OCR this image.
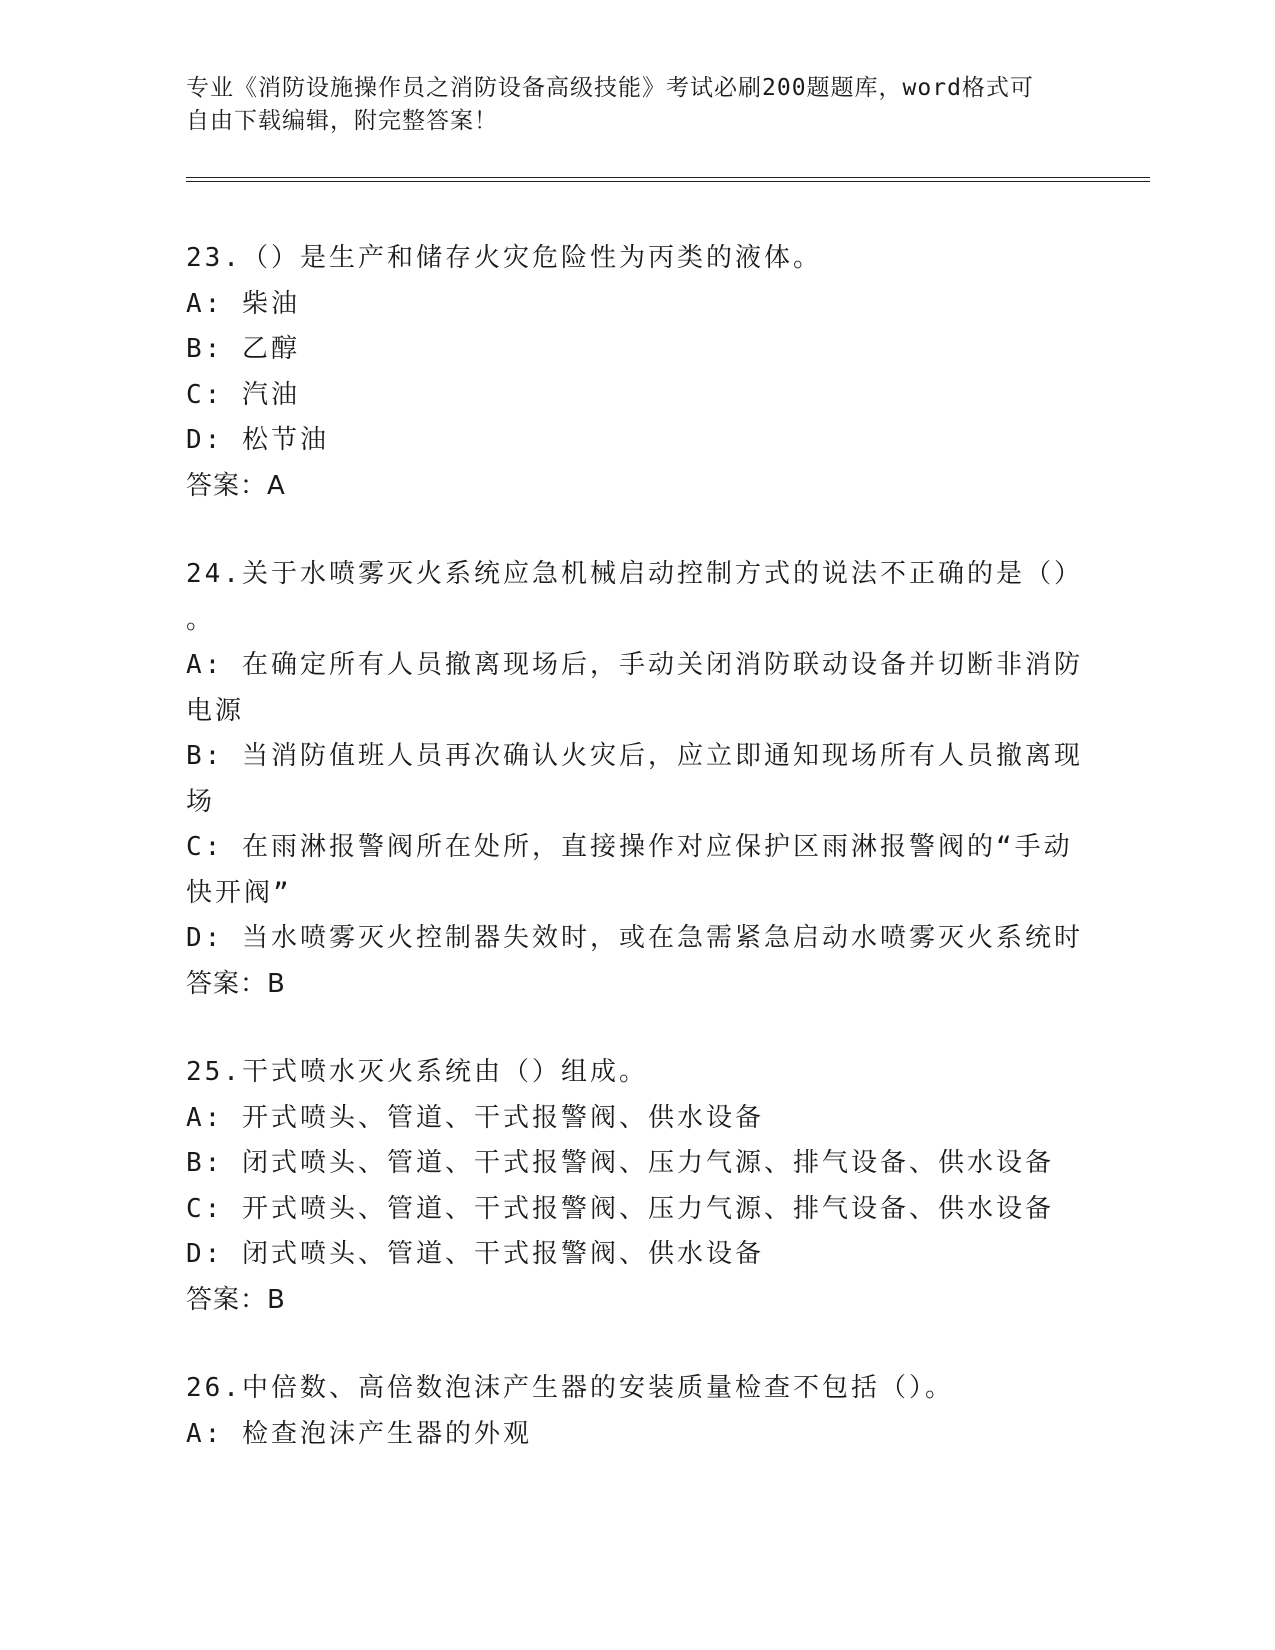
专业《消防设施操作员之消防设备高级技能》考试必刷200题题库，word格式可
自由下载编辑，附完整答案！

23.（）是生产和储存火灾危险性为丙类的液体。

A: 柴油

B: 乙醇

C: 汽油

D: 松节油

答案：A

24.关于水喷雾灭火系统应急机械启动控制方式的说法不正确的是（）
。

A: 在确定所有人员撤离现场后，手动关闭消防联动设备并切断非消防
电源

B: 当消防值班人员再次确认火灾后，应立即通知现场所有人员撤离现
场

C: 在雨淋报警阀所在处所，直接操作对应保护区雨淋报警阀的“手动
快开阀”

D: 当水喷雾灭火控制器失效时，或在急需紧急启动水喷雾灭火系统时

答案：B

25.干式喷水灭火系统由（）组成。

A: 开式喷头、管道、干式报警阀、供水设备

B: 闭式喷头、管道、干式报警阀、压力气源、排气设备、供水设备

C: 开式喷头、管道、干式报警阀、压力气源、排气设备、供水设备

D: 闭式喷头、管道、干式报警阀、供水设备

答案：B

26.中倍数、高倍数泡沫产生器的安装质量检查不包括（）。

A: 检查泡沫产生器的外观
